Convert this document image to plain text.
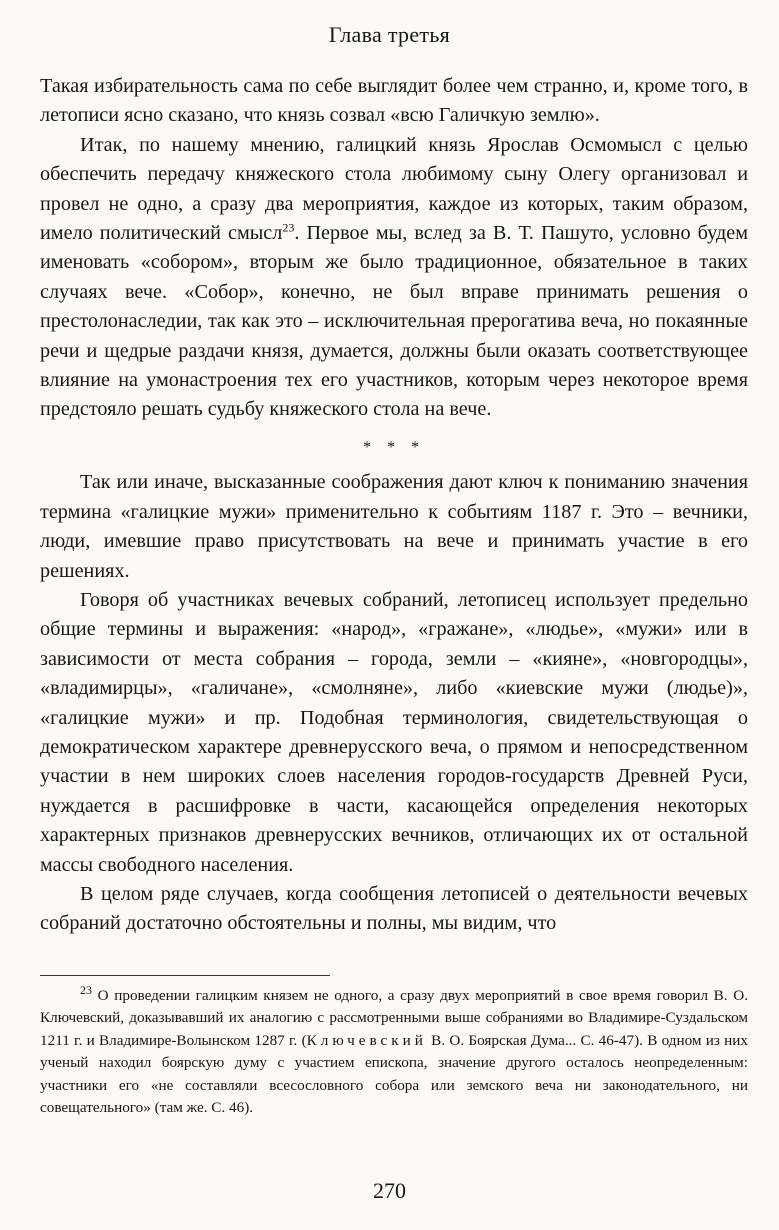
Глава третья

Такая избирательность сама по себе выглядит более чем странно, и, кроме того, в летописи ясно сказано, что князь созвал «всю Галичкую землю».

Итак, по нашему мнению, галицкий князь Ярослав Осмомысл с целью обеспечить передачу княжеского стола любимому сыну Олегу организовал и провел не одно, а сразу два мероприятия, каждое из которых, таким образом, имело политический смысл$^{23}$. Первое мы, вслед за В. Т. Пашуто, условно будем именовать «собором», вторым же было традиционное, обязательное в таких случаях вече. «Собор», конечно, не был вправе принимать решения о престолонаследии, так как это – исключительная прерогатива веча, но покаянные речи и щедрые раздачи князя, думается, должны были оказать соответствующее влияние на умонастроения тех его участников, которым через некоторое время предстояло решать судьбу княжеского стола на вече.

* * *

Так или иначе, высказанные соображения дают ключ к пониманию значения термина «галицкие мужи» применительно к событиям 1187 г. Это – вечники, люди, имевшие право присутствовать на вече и принимать участие в его решениях.

Говоря об участниках вечевых собраний, летописец использует предельно общие термины и выражения: «народ», «гражане», «людье», «мужи» или в зависимости от места собрания – города, земли – «кияне», «новгородцы», «владимирцы», «галичане», «смолняне», либо «киевские мужи (людье)», «галицкие мужи» и пр. Подобная терминология, свидетельствующая о демократическом характере древнерусского веча, о прямом и непосредственном участии в нем широких слоев населения городов-государств Древней Руси, нуждается в расшифровке в части, касающейся определения некоторых характерных признаков древнерусских вечников, отличающих их от остальной массы свободного населения.

В целом ряде случаев, когда сообщения летописей о деятельности вечевых собраний достаточно обстоятельны и полны, мы видим, что

$^{23}$ О проведении галицким князем не одного, а сразу двух мероприятий в свое время говорил В. О. Ключевский, доказывавший их аналогию с рассмотренными выше собраниями во Владимире-Суздальском 1211 г. и Владимире-Волынском 1287 г. (Ключевский В. О. Боярская Дума... С. 46-47). В одном из них ученый находил боярскую думу с участием епископа, значение другого осталось неопределенным: участники его «не составляли всесословного собора или земского веча ни законодательного, ни совещательного» (там же. С. 46).
270
